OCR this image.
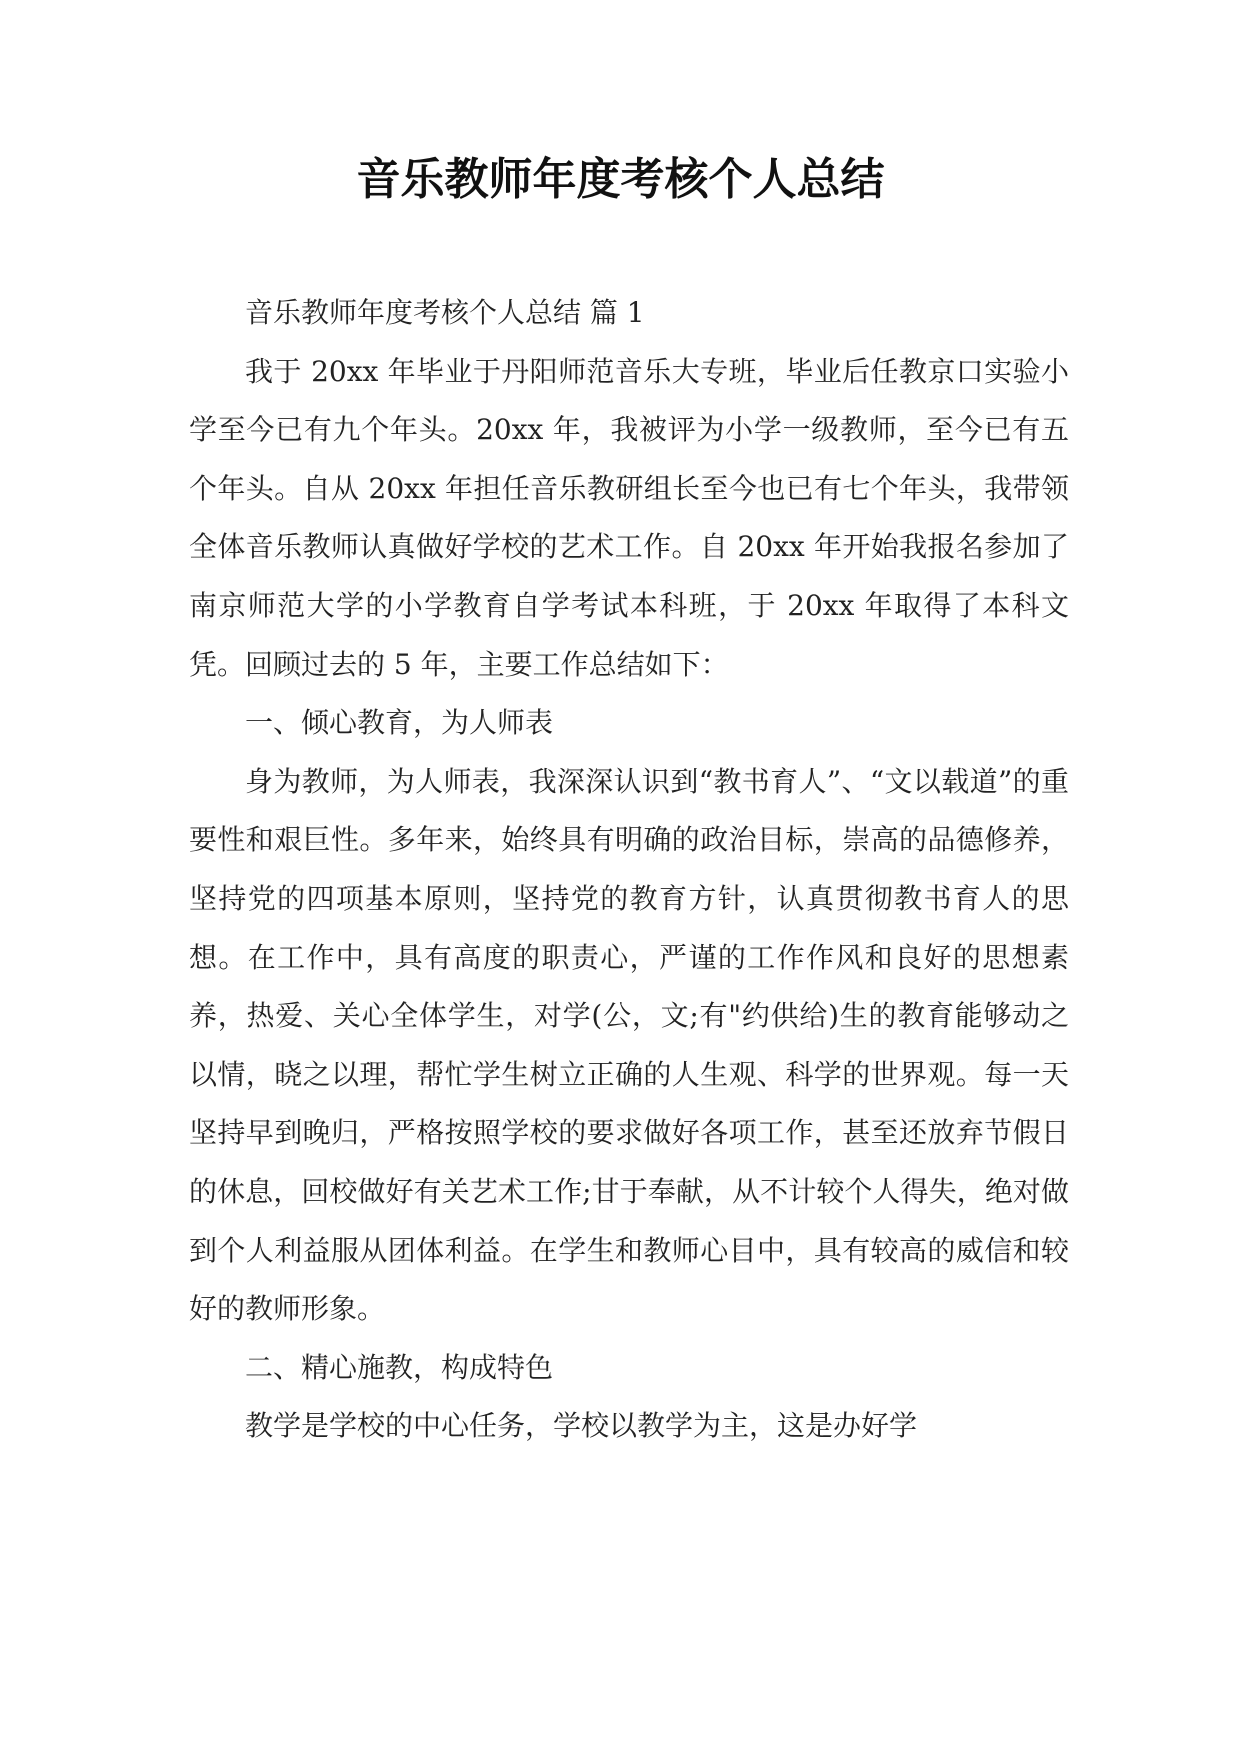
音乐教师年度考核个人总结

音乐教师年度考核个人总结 篇 1

我于 20xx 年毕业于丹阳师范音乐大专班，毕业后任教京口实验小学至今已有九个年头。20xx 年，我被评为小学一级教师，至今已有五个年头。自从 20xx 年担任音乐教研组长至今也已有七个年头，我带领全体音乐教师认真做好学校的艺术工作。自 20xx 年开始我报名参加了南京师范大学的小学教育自学考试本科班，于 20xx 年取得了本科文凭。回顾过去的 5 年，主要工作总结如下：

一、倾心教育，为人师表

身为教师，为人师表，我深深认识到“教书育人”、“文以载道”的重要性和艰巨性。多年来，始终具有明确的政治目标，崇高的品德修养，坚持党的四项基本原则，坚持党的教育方针，认真贯彻教书育人的思想。在工作中，具有高度的职责心，严谨的工作作风和良好的思想素养，热爱、关心全体学生，对学(公，文;有"约供给)生的教育能够动之以情，晓之以理，帮忙学生树立正确的人生观、科学的世界观。每一天坚持早到晚归，严格按照学校的要求做好各项工作，甚至还放弃节假日的休息，回校做好有关艺术工作;甘于奉献，从不计较个人得失，绝对做到个人利益服从团体利益。在学生和教师心目中，具有较高的威信和较好的教师形象。

二、精心施教，构成特色

教学是学校的中心任务，学校以教学为主，这是办好学
